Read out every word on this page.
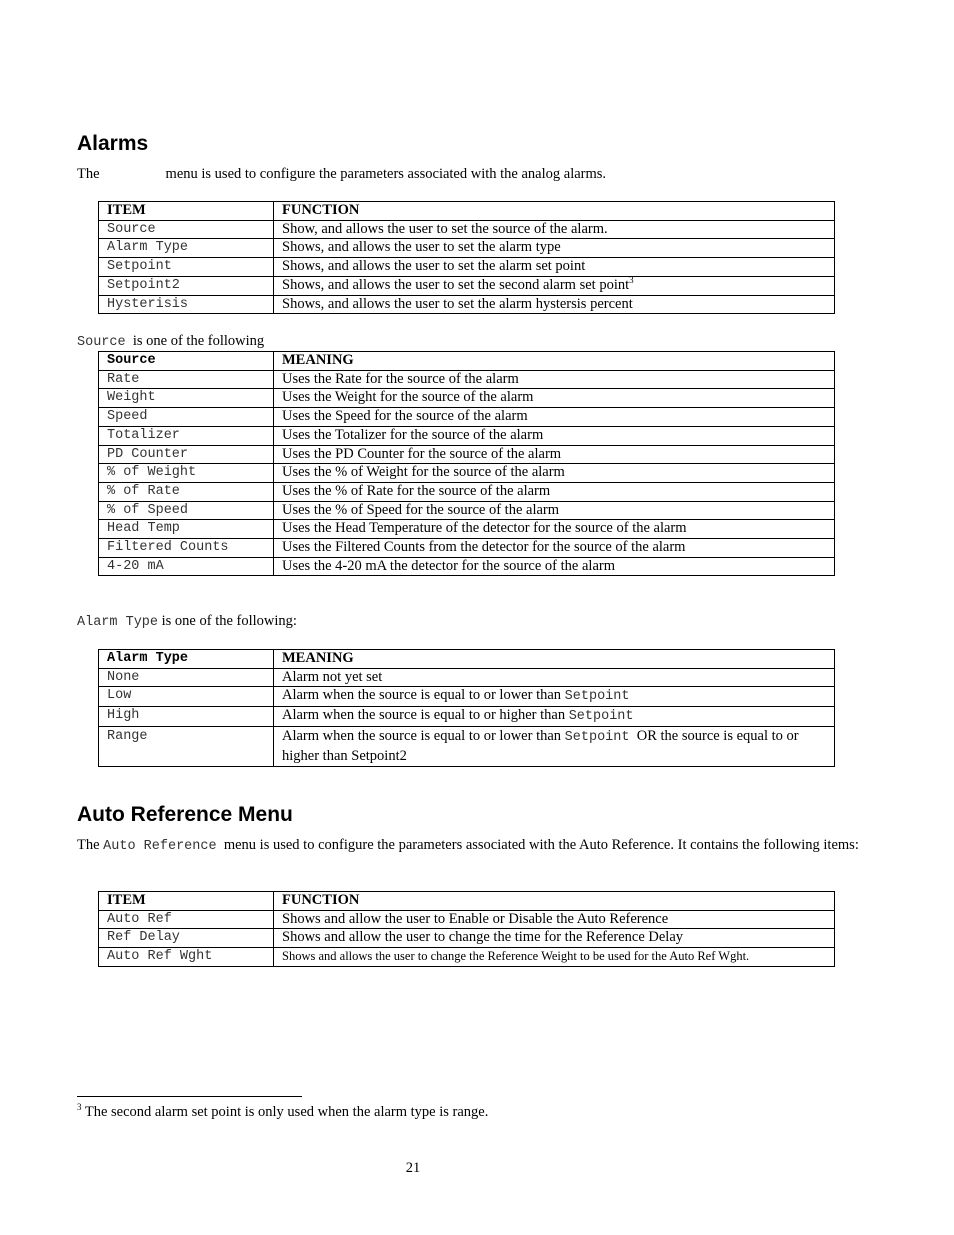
Alarms

The	menu is used to configure the parameters associated with the analog alarms.

ITEM	FUNCTION
Source	Show, and allows the user to set the source of the alarm.
Alarm Type	Shows, and allows the user to set the alarm type
Setpoint	Shows, and allows the user to set the alarm set point
Setpoint2	Shows, and allows the user to set the second alarm set point$^3$
Hysterisis	Shows, and allows the user to set the alarm hystersis percent

Source is one of the following

Source	MEANING
Rate	Uses the Rate for the source of the alarm
Weight	Uses the Weight for the source of the alarm
Speed	Uses the Speed for the source of the alarm
Totalizer	Uses the Totalizer for the source of the alarm
PD Counter	Uses the PD Counter for the source of the alarm
% of Weight	Uses the % of Weight for the source of the alarm
% of Rate	Uses the % of Rate for the source of the alarm
% of Speed	Uses the % of Speed for the source of the alarm
Head Temp	Uses the Head Temperature of the detector for the source of the alarm
Filtered Counts	Uses the Filtered Counts from the detector for the source of the alarm
4-20 mA	Uses the 4-20 mA the detector for the source of the alarm

Alarm Type is one of the following:

Alarm Type	MEANING
None	Alarm not yet set
Low	Alarm when the source is equal to or lower than Setpoint
High	Alarm when the source is equal to or higher than Setpoint
Range	Alarm when the source is equal to or lower than Setpoint OR the source is equal to or higher than Setpoint2
Auto Reference Menu

The Auto Reference menu is used to configure the parameters associated with the Auto Reference. It contains the following items:

ITEM	FUNCTION
Auto Ref	Shows and allow the user to Enable or Disable the Auto Reference
Ref Delay	Shows and allow the user to change the time for the Reference Delay
Auto Ref Wght	Shows and allows the user to change the Reference Weight to be used for the Auto Ref Wght.

$^3$ The second alarm set point is only used when the alarm type is range.

21
